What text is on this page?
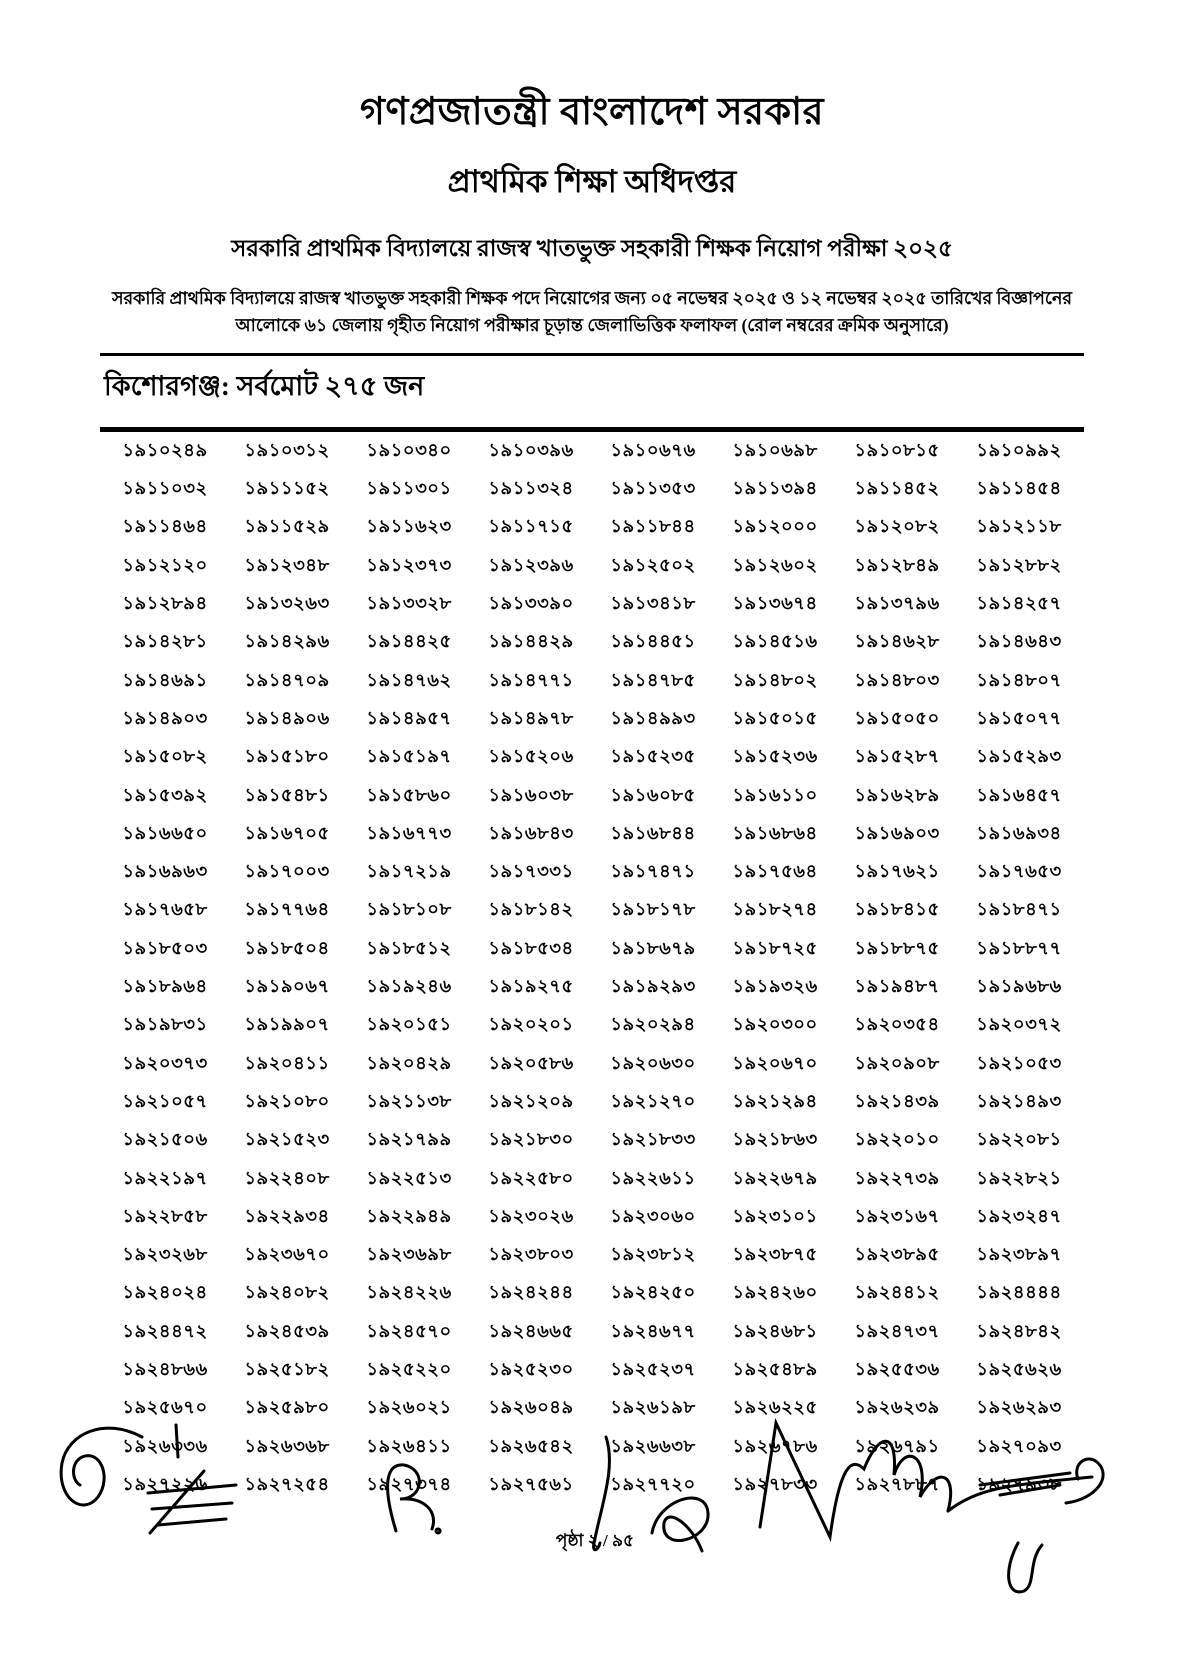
গণপ্রজাতন্ত্রী বাংলাদেশ সরকার
প্রাথমিক শিক্ষা অধিদপ্তর
সরকারি প্রাথমিক বিদ্যালয়ে রাজস্ব খাতভুক্ত সহকারী শিক্ষক নিয়োগ পরীক্ষা ২০২৫
সরকারি প্রাথমিক বিদ্যালয়ে রাজস্ব খাতভুক্ত সহকারী শিক্ষক পদে নিয়োগের জন্য ০৫ নভেম্বর ২০২৫ ও ১২ নভেম্বর ২০২৫ তারিখের বিজ্ঞাপনের
আলোকে ৬১ জেলায় গৃহীত নিয়োগ পরীক্ষার চূড়ান্ত জেলাভিত্তিক ফলাফল (রোল নম্বরের ক্রমিক অনুসারে)
কিশোরগঞ্জ: সর্বমোট ২৭৫ জন
১৯১০২৪৯	১৯১০৩১২	১৯১০৩৪০	১৯১০৩৯৬	১৯১০৬৭৬	১৯১০৬৯৮	১৯১০৮১৫	১৯১০৯৯২
১৯১১০৩২	১৯১১১৫২	১৯১১৩০১	১৯১১৩২৪	১৯১১৩৫৩	১৯১১৩৯৪	১৯১১৪৫২	১৯১১৪৫৪
১৯১১৪৬৪	১৯১১৫২৯	১৯১১৬২৩	১৯১১৭১৫	১৯১১৮৪৪	১৯১২০০০	১৯১২০৮২	১৯১২১১৮
১৯১২১২০	১৯১২৩৪৮	১৯১২৩৭৩	১৯১২৩৯৬	১৯১২৫০২	১৯১২৬০২	১৯১২৮৪৯	১৯১২৮৮২
১৯১২৮৯৪	১৯১৩২৬৩	১৯১৩৩২৮	১৯১৩৩৯০	১৯১৩৪১৮	১৯১৩৬৭৪	১৯১৩৭৯৬	১৯১৪২৫৭
১৯১৪২৮১	১৯১৪২৯৬	১৯১৪৪২৫	১৯১৪৪২৯	১৯১৪৪৫১	১৯১৪৫১৬	১৯১৪৬২৮	১৯১৪৬৪৩
১৯১৪৬৯১	১৯১৪৭০৯	১৯১৪৭৬২	১৯১৪৭৭১	১৯১৪৭৮৫	১৯১৪৮০২	১৯১৪৮০৩	১৯১৪৮০৭
১৯১৪৯০৩	১৯১৪৯০৬	১৯১৪৯৫৭	১৯১৪৯৭৮	১৯১৪৯৯৩	১৯১৫০১৫	১৯১৫০৫০	১৯১৫০৭৭
১৯১৫০৮২	১৯১৫১৮০	১৯১৫১৯৭	১৯১৫২০৬	১৯১৫২৩৫	১৯১৫২৩৬	১৯১৫২৮৭	১৯১৫২৯৩
১৯১৫৩৯২	১৯১৫৪৮১	১৯১৫৮৬০	১৯১৬০৩৮	১৯১৬০৮৫	১৯১৬১১০	১৯১৬২৮৯	১৯১৬৪৫৭
১৯১৬৬৫০	১৯১৬৭০৫	১৯১৬৭৭৩	১৯১৬৮৪৩	১৯১৬৮৪৪	১৯১৬৮৬৪	১৯১৬৯০৩	১৯১৬৯৩৪
১৯১৬৯৬৩	১৯১৭০০৩	১৯১৭২১৯	১৯১৭৩৩১	১৯১৭৪৭১	১৯১৭৫৬৪	১৯১৭৬২১	১৯১৭৬৫৩
১৯১৭৬৫৮	১৯১৭৭৬৪	১৯১৮১০৮	১৯১৮১৪২	১৯১৮১৭৮	১৯১৮২৭৪	১৯১৮৪১৫	১৯১৮৪৭১
১৯১৮৫০৩	১৯১৮৫০৪	১৯১৮৫১২	১৯১৮৫৩৪	১৯১৮৬৭৯	১৯১৮৭২৫	১৯১৮৮৭৫	১৯১৮৮৭৭
১৯১৮৯৬৪	১৯১৯০৬৭	১৯১৯২৪৬	১৯১৯২৭৫	১৯১৯২৯৩	১৯১৯৩২৬	১৯১৯৪৮৭	১৯১৯৬৮৬
১৯১৯৮৩১	১৯১৯৯০৭	১৯২০১৫১	১৯২০২০১	১৯২০২৯৪	১৯২০৩০০	১৯২০৩৫৪	১৯২০৩৭২
১৯২০৩৭৩	১৯২০৪১১	১৯২০৪২৯	১৯২০৫৮৬	১৯২০৬৩০	১৯২০৬৭০	১৯২০৯০৮	১৯২১০৫৩
১৯২১০৫৭	১৯২১০৮০	১৯২১১৩৮	১৯২১২০৯	১৯২১২৭০	১৯২১২৯৪	১৯২১৪৩৯	১৯২১৪৯৩
১৯২১৫০৬	১৯২১৫২৩	১৯২১৭৯৯	১৯২১৮৩০	১৯২১৮৩৩	১৯২১৮৬৩	১৯২২০১০	১৯২২০৮১
১৯২২১৯৭	১৯২২৪০৮	১৯২২৫১৩	১৯২২৫৮০	১৯২২৬১১	১৯২২৬৭৯	১৯২২৭৩৯	১৯২২৮২১
১৯২২৮৫৮	১৯২২৯৩৪	১৯২২৯৪৯	১৯২৩০২৬	১৯২৩০৬০	১৯২৩১০১	১৯২৩১৬৭	১৯২৩২৪৭
১৯২৩২৬৮	১৯২৩৬৭০	১৯২৩৬৯৮	১৯২৩৮০৩	১৯২৩৮১২	১৯২৩৮৭৫	১৯২৩৮৯৫	১৯২৩৮৯৭
১৯২৪০২৪	১৯২৪০৮২	১৯২৪২২৬	১৯২৪২৪৪	১৯২৪২৫০	১৯২৪২৬০	১৯২৪৪১২	১৯২৪৪৪৪
১৯২৪৪৭২	১৯২৪৫৩৯	১৯২৪৫৭০	১৯২৪৬৬৫	১৯২৪৬৭৭	১৯২৪৬৮১	১৯২৪৭৩৭	১৯২৪৮৪২
১৯২৪৮৬৬	১৯২৫১৮২	১৯২৫২২০	১৯২৫২৩০	১৯২৫২৩৭	১৯২৫৪৮৯	১৯২৫৫৩৬	১৯২৫৬২৬
১৯২৫৬৭০	১৯২৫৯৮০	১৯২৬০২১	১৯২৬০৪৯	১৯২৬১৯৮	১৯২৬২২৫	১৯২৬২৩৯	১৯২৬২৯৩
১৯২৬৩৩৬	১৯২৬৩৬৮	১৯২৬৪১১	১৯২৬৫৪২	১৯২৬৬৩৮	১৯২৬৭৮৬	১৯২৬৭৯১	১৯২৭০৯৩
১৯২৭২২৬	১৯২৭২৫৪	১৯২৭৩৭৪	১৯২৭৫৬১	১৯২৭৭২০	১৯২৭৮৩৩	১৯২৭৮৮৭	১৯২৭৯৩৮
পৃষ্ঠা ২ / ৯৫
